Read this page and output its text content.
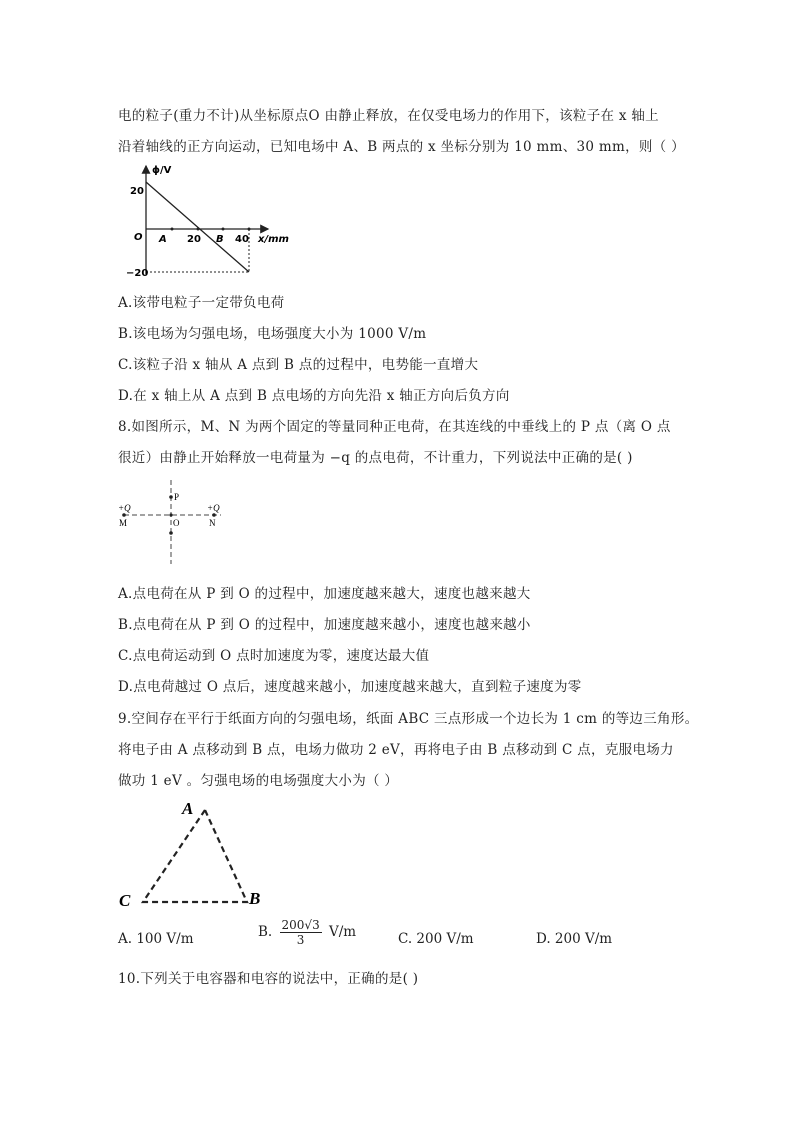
电的粒子(重力不计)从坐标原点O 由静止释放，在仅受电场力的作用下，该粒子在 x 轴上
沿着轴线的正方向运动，已知电场中 A、B 两点的 x 坐标分别为 10 mm、30 mm，则（ ）
ϕ/V
20
O A 20 B 40 x/mm
−20
A.该带电粒子一定带负电荷
B.该电场为匀强电场，电场强度大小为 1000 V/m
C.该粒子沿 x 轴从 A 点到 B 点的过程中，电势能一直增大
D.在 x 轴上从 A 点到 B 点电场的方向先沿 x 轴正方向后负方向
8.如图所示，M、N 为两个固定的等量同种正电荷，在其连线的中垂线上的 P 点（离 O 点
很近）由静止开始释放一电荷量为 −q 的点电荷，不计重力，下列说法中正确的是( )
P
O
+Q	+Q
M	N
A.点电荷在从 P 到 O 的过程中，加速度越来越大，速度也越来越大
B.点电荷在从 P 到 O 的过程中，加速度越来越小，速度也越来越小
C.点电荷运动到 O 点时加速度为零，速度达最大值
D.点电荷越过 O 点后，速度越来越小，加速度越来越大，直到粒子速度为零
9.空间存在平行于纸面方向的匀强电场，纸面 ABC 三点形成一个边长为 1 cm 的等边三角形。
将电子由 A 点移动到 B 点，电场力做功 2 eV，再将电子由 B 点移动到 C 点，克服电场力
做功 1 eV 。匀强电场的电场强度大小为（ ）
A
C	B
A. 100 V/m	B. $\frac{200√3}{3} V/m$	C. 200 V/m	D. 200 V/m
10.下列关于电容器和电容的说法中，正确的是( )
